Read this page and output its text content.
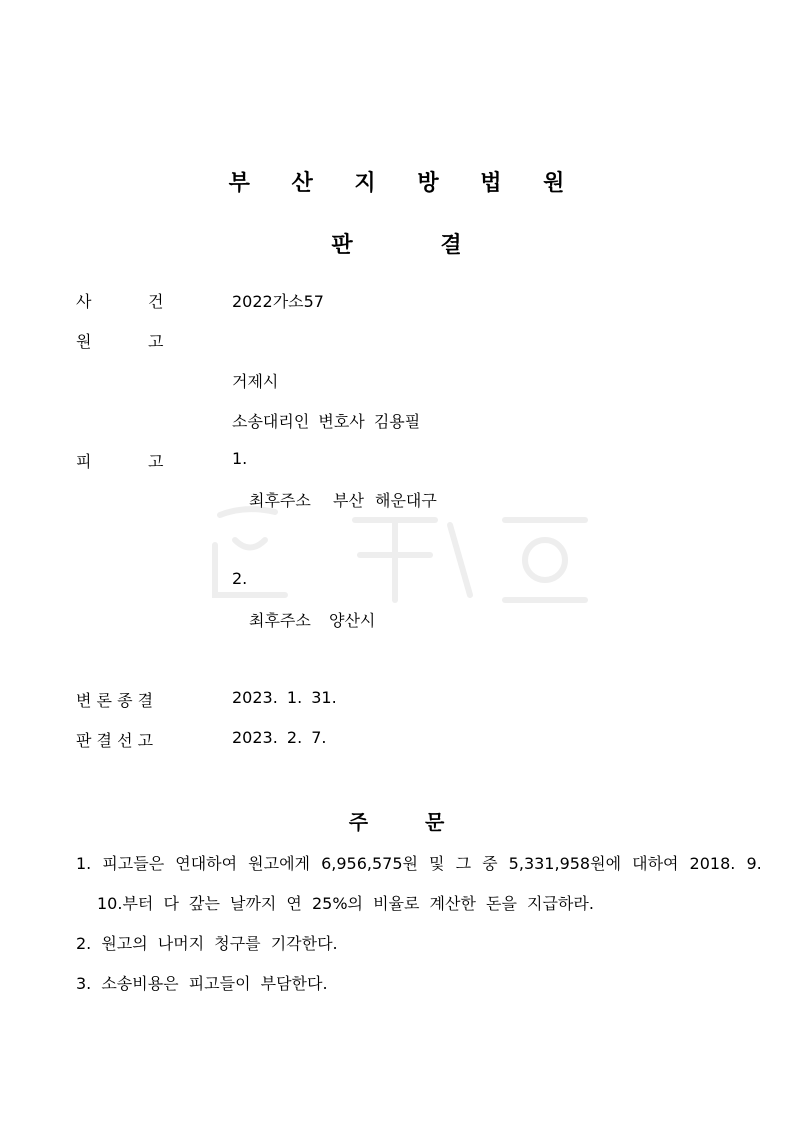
부 산 지 방 법 원
판 결
사	건	2022가소57
원	고
거제시
소송대리인 변호사 김용필
피	고	1.
최후주소 부산 해운대구
2.
최후주소 양산시
변 론 종 결	2023. 1. 31.
판 결 선 고	2023. 2. 7.
주 문
1. 피고들은 연대하여 원고에게 6,956,575원 및 그 중 5,331,958원에 대하여 2018. 9.
10.부터 다 갚는 날까지 연 25%의 비율로 계산한 돈을 지급하라.
2. 원고의 나머지 청구를 기각한다.
3. 소송비용은 피고들이 부담한다.
